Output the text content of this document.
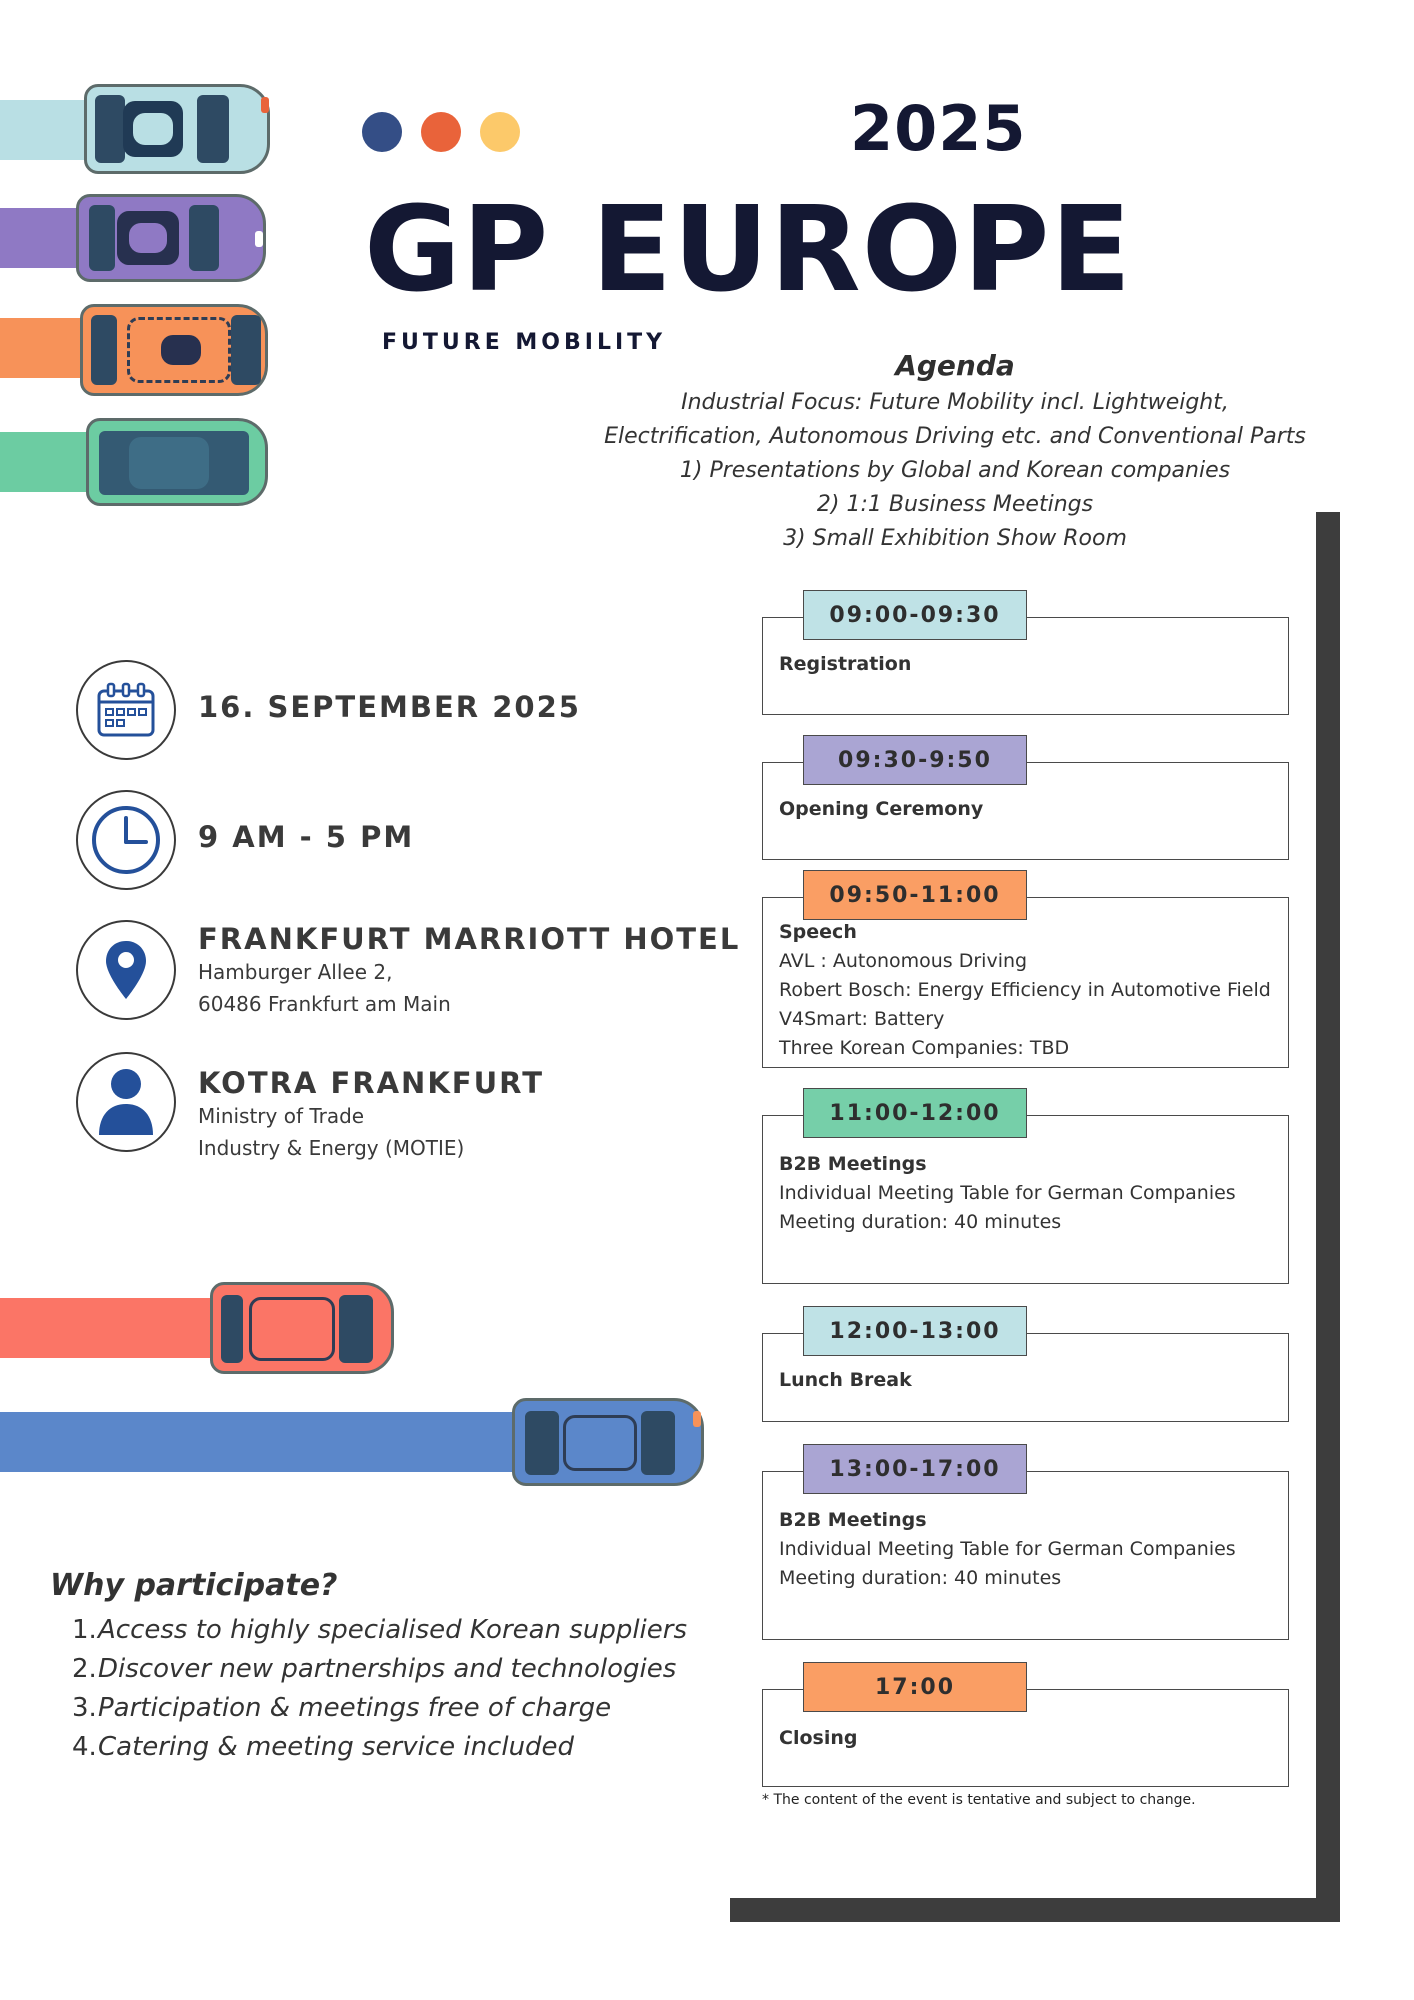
2025
GP EUROPE
FUTURE MOBILITY
Agenda
Industrial Focus: Future Mobility incl. Lightweight,
Electrification, Autonomous Driving etc. and Conventional Parts
1) Presentations by Global and Korean companies
2) 1:1 Business Meetings
3) Small Exhibition Show Room
16. SEPTEMBER 2025
9 AM - 5 PM
FRANKFURT MARRIOTT HOTEL
Hamburger Allee 2,
60486 Frankfurt am Main
KOTRA FRANKFURT
Ministry of Trade
Industry & Energy (MOTIE)
Why participate?
1.Access to highly specialised Korean suppliers
2.Discover new partnerships and technologies
3.Participation & meetings free of charge
4.Catering & meeting service included
09:00-09:30
Registration
09:30-9:50
Opening Ceremony
09:50-11:00
Speech
AVL : Autonomous Driving
Robert Bosch: Energy Efficiency in Automotive Field
V4Smart: Battery
Three Korean Companies: TBD
11:00-12:00
B2B Meetings
Individual Meeting Table for German Companies
Meeting duration: 40 minutes
12:00-13:00
Lunch Break
13:00-17:00
B2B Meetings
Individual Meeting Table for German Companies
Meeting duration: 40 minutes
17:00
Closing
* The content of the event is tentative and subject to change.
